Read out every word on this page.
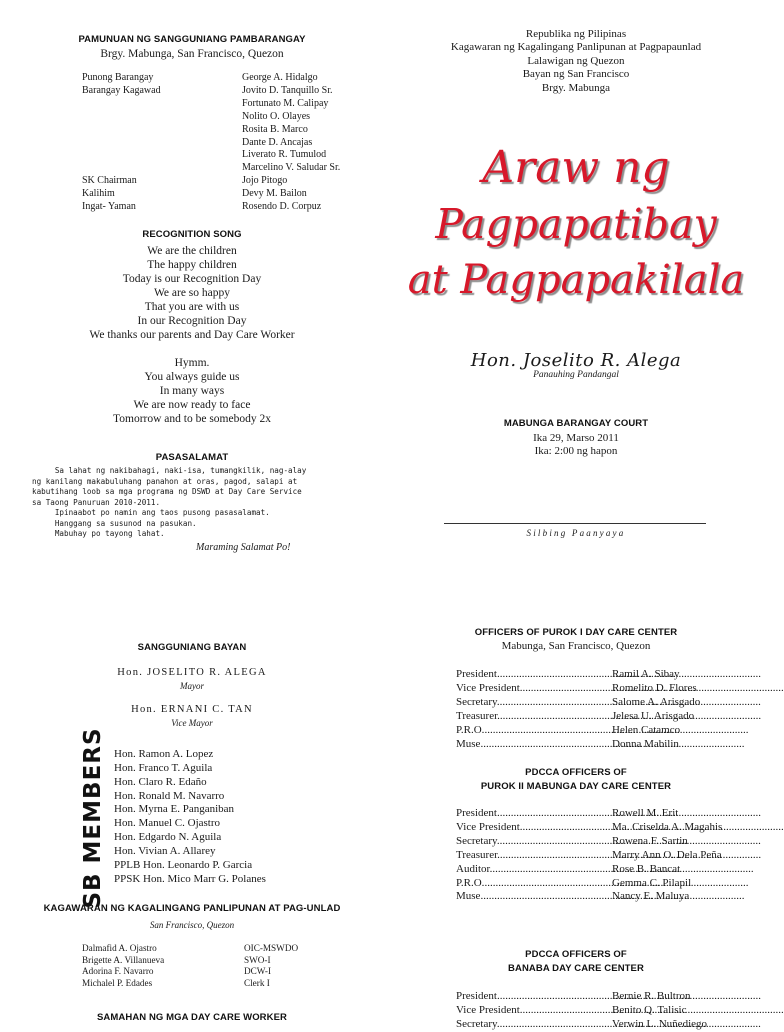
PAMUNUAN NG SANGGUNIANG PAMBARANGAY
Brgy. Mabunga, San Francisco, Quezon
Punong Barangay	George A. Hidalgo
Barangay Kagawad	Jovito D. Tanquillo Sr.
Fortunato M. Calipay
Nolito O. Olayes
Rosita B. Marco
Dante D. Ancajas
Liverato R. Tumulod
Marcelino V. Saludar Sr.
SK Chairman	Jojo Pitogo
Kalihim	Devy M. Bailon
Ingat- Yaman	Rosendo D. Corpuz
RECOGNITION SONG
We are the children
The happy children
Today is our Recognition Day
We are so happy
That you are with us
In our Recognition Day
We thanks our parents and Day Care Worker
Hymm.
You always guide us
In many ways
We are now ready to face
Tomorrow and to be somebody 2x
PASASALAMAT
Sa lahat ng nakibahagi, naki-isa, tumangkilik, nag-alay
ng kanilang makabuluhang panahon at oras, pagod, salapi at
kabutihang loob sa mga programa ng DSWD at Day Care Service
sa Taong Panuruan 2010-2011.
Ipinaabot po namin ang taos pusong pasasalamat.
Hanggang sa susunod na pasukan.
Mabuhay po tayong lahat.
Maraming Salamat Po!
Republika ng Pilipinas
Kagawaran ng Kagalingang Panlipunan at Pagpapaunlad
Lalawigan ng Quezon
Bayan ng San Francisco
Brgy. Mabunga
Araw ng
Pagpapatibay
at Pagpapakilala
Hon. Joselito R. Alega
Panauhing Pandangal
MABUNGA BARANGAY COURT
Ika 29, Marso 2011
Ika: 2:00 ng hapon
Silbing Paanyaya
SANGGUNIANG BAYAN
Hon. JOSELITO R. ALEGA
Mayor
Hon. ERNANI C. TAN
Vice Mayor
SB MEMBERS Hon. Ramon A. Lopez
Hon. Franco T. Aguila
Hon. Claro R. Edaño
Hon. Ronald M. Navarro
Hon. Myrna E. Panganiban
Hon. Manuel C. Ojastro
Hon. Edgardo N. Aguila
Hon. Vivian A. Allarey
PPLB Hon. Leonardo P. Garcia
PPSK Hon. Mico Marr G. Polanes
KAGAWARAN NG KAGALINGANG PANLIPUNAN AT PAG-UNLAD
San Francisco, Quezon
Dalmafid A. Ojastro	OIC-MSWDO
Brigette A. Villanueva	SWO-I
Adorina F. Navarro	DCW-I
Michalel P. Edades	Clerk I
SAMAHAN NG MGA DAY CARE WORKER
OFFICERS OF PUROK I DAY CARE CENTER
Mabunga, San Francisco, Quezon
President .....	Ramil A. Sibay
Vice President .....	Romelito D. Flores
Secretary .....	Salome A. Arisgado
Treasurer .....	Jelesa U. Arisgado
P.R.O. .....	Helen Catamco
Muse .....	Donna Mabilin
PDCCA OFFICERS OF
PUROK II MABUNGA DAY CARE CENTER
President .....	Rowell M. Erit
Vice President .....	Ma. Criselda A. Magahis
Secretary .....	Rowena F. Sartin
Treasurer .....	Marry Ann O. Dela Peña
Auditor .....	Rose B. Bancat
P.R.O. .....	Gemma C. Pilapil
Muse .....	Nancy E. Maluya
PDCCA OFFICERS OF
BANABA DAY CARE CENTER
President .....	Bernie R. Bultron
Vice President .....	Benito Q. Talisic
Secretary .....	Verwin L. Nuñediego
